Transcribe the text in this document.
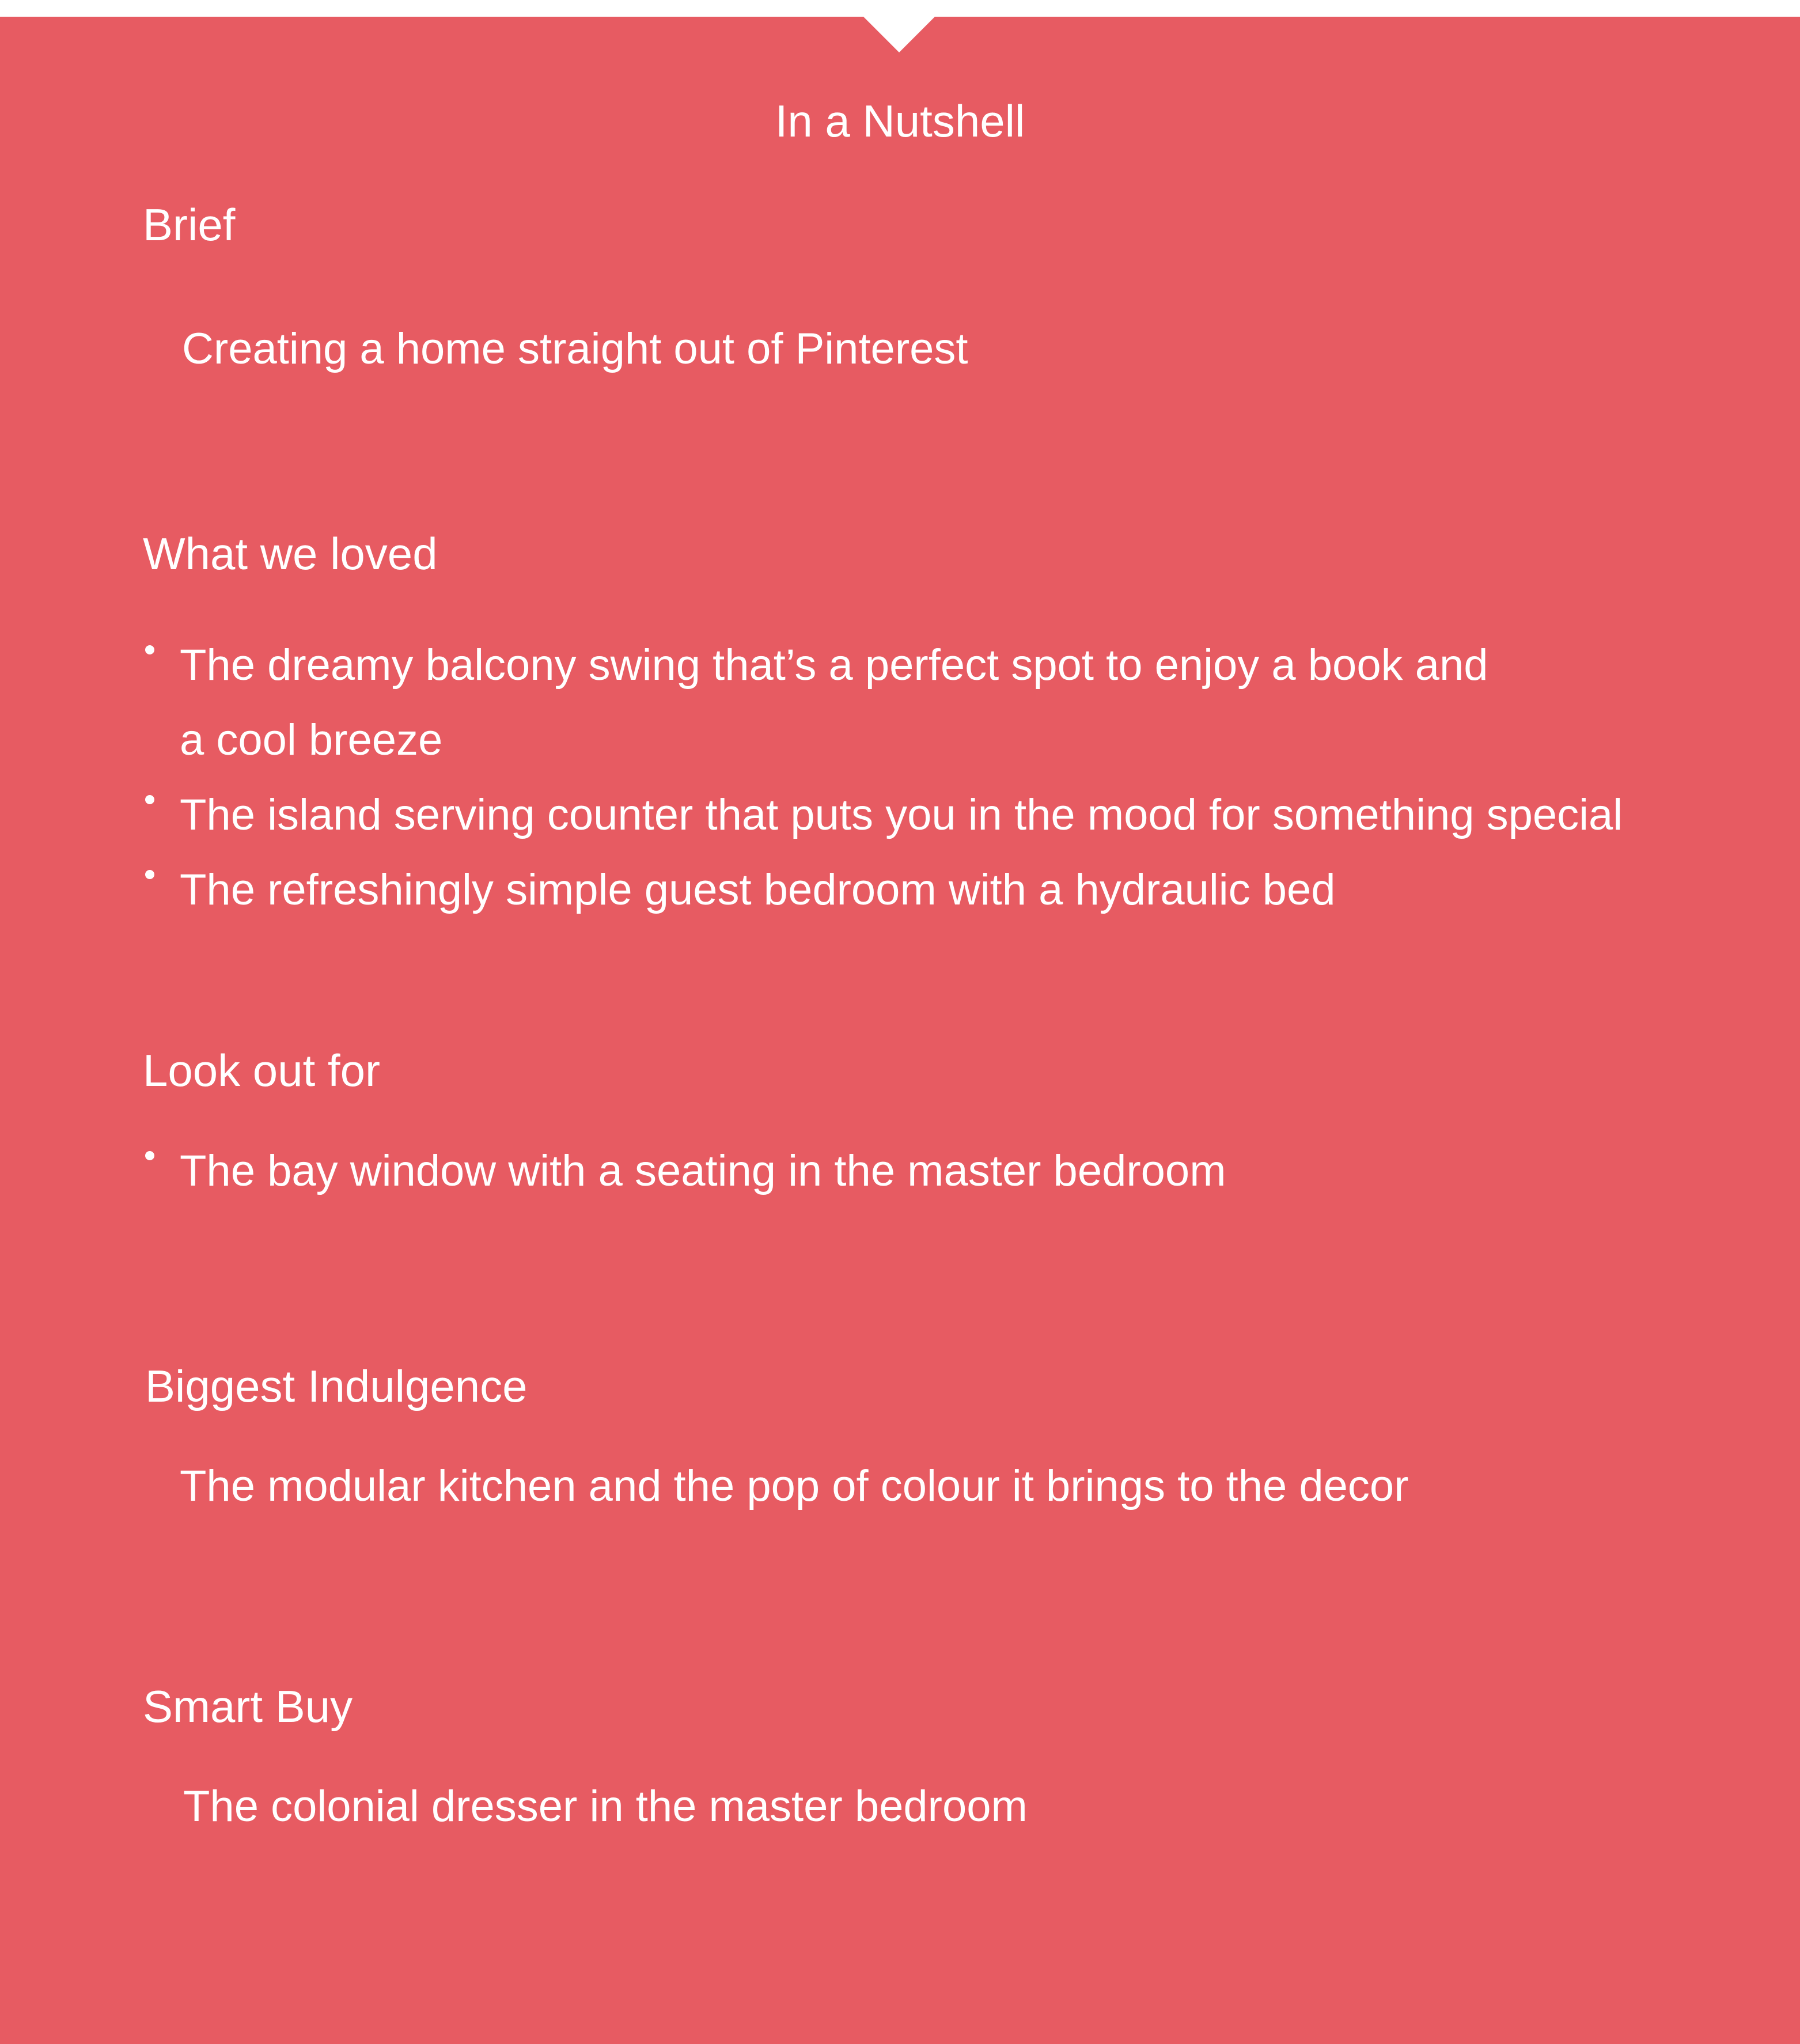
In a Nutshell
Brief

Creating a home straight out of Pinterest

What we loved
The dreamy balcony swing that’s a perfect spot to enjoy a book and
a cool breeze
The island serving counter that puts you in the mood for something special
The refreshingly simple guest bedroom with a hydraulic bed
Look out for
The bay window with a seating in the master bedroom
Biggest Indulgence

The modular kitchen and the pop of colour it brings to the decor

Smart Buy

The colonial dresser in the master bedroom
